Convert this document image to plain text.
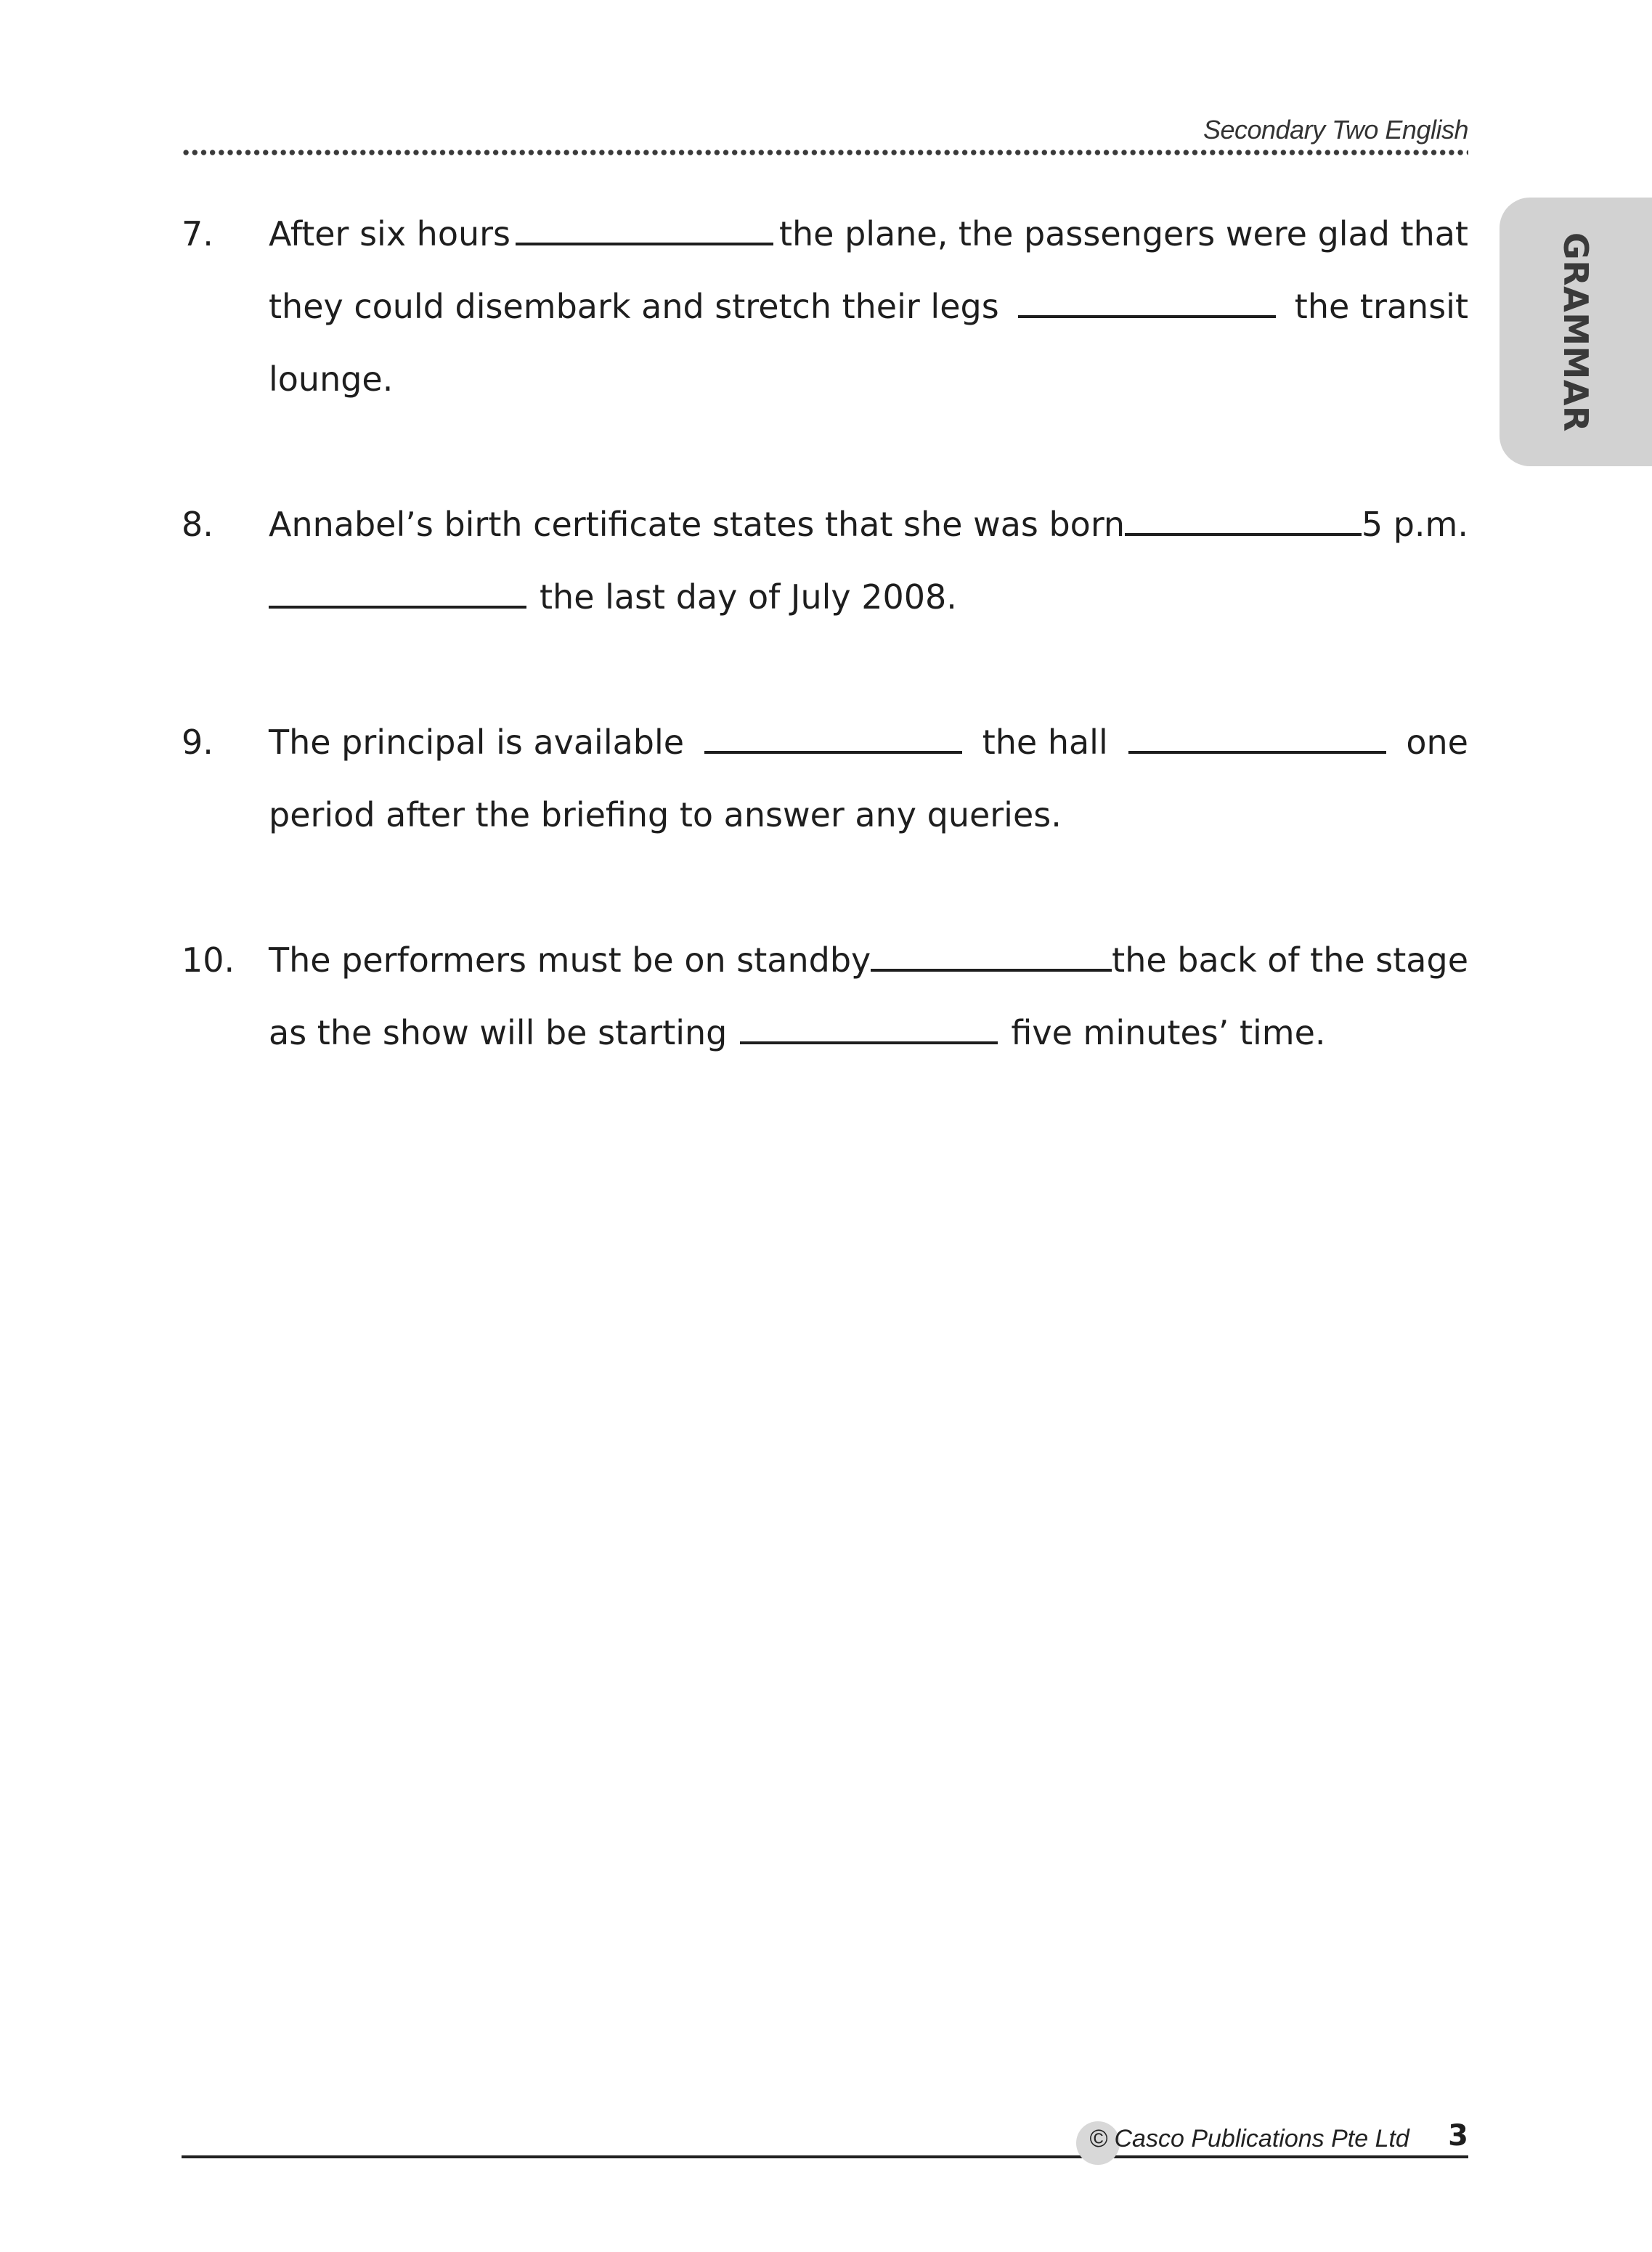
Secondary Two English
GRAMMAR
7. After six hours	the plane, the passengers were glad that
they could disembark and stretch their legs	the transit
lounge.
8. Annabel’s birth certificate states that she was born	5 p.m.
the last day of July 2008.
9. The principal is available	the hall	one
period after the briefing to answer any queries.
10. The performers must be on standby	the back of the stage
as the show will be starting	five minutes’ time.
© Casco Publications Pte Ltd 3
